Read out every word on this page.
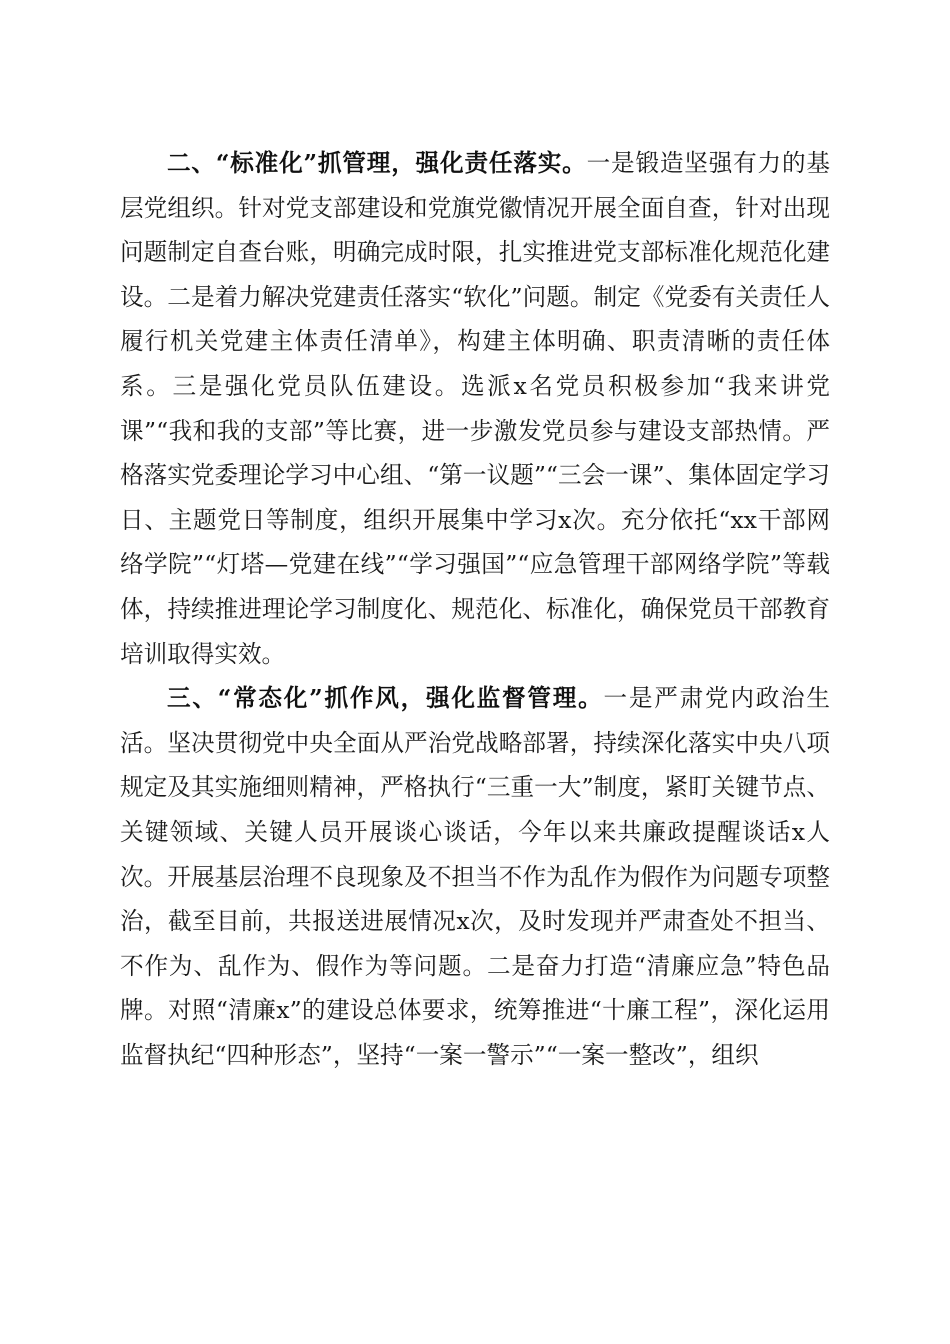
二、“标准化”抓管理，强化责任落实。一是锻造坚强有力的基层党组织。针对党支部建设和党旗党徽情况开展全面自查，针对出现问题制定自查台账，明确完成时限，扎实推进党支部标准化规范化建设。二是着力解决党建责任落实“软化”问题。制定《党委有关责任人履行机关党建主体责任清单》，构建主体明确、职责清晰的责任体系。三是强化党员队伍建设。选派x名党员积极参加“我来讲党课”“我和我的支部”等比赛，进一步激发党员参与建设支部热情。严格落实党委理论学习中心组、“第一议题”“三会一课”、集体固定学习日、主题党日等制度，组织开展集中学习x次。充分依托“xx干部网络学院”“灯塔—党建在线”“学习强国”“应急管理干部网络学院”等载体，持续推进理论学习制度化、规范化、标准化，确保党员干部教育培训取得实效。

三、“常态化”抓作风，强化监督管理。一是严肃党内政治生活。坚决贯彻党中央全面从严治党战略部署，持续深化落实中央八项规定及其实施细则精神，严格执行“三重一大”制度，紧盯关键节点、关键领域、关键人员开展谈心谈话，今年以来共廉政提醒谈话x人次。开展基层治理不良现象及不担当不作为乱作为假作为问题专项整治，截至目前，共报送进展情况x次，及时发现并严肃查处不担当、不作为、乱作为、假作为等问题。二是奋力打造“清廉应急”特色品牌。对照“清廉x”的建设总体要求，统筹推进“十廉工程”，深化运用监督执纪“四种形态”，坚持“一案一警示”“一案一整改”，组织
